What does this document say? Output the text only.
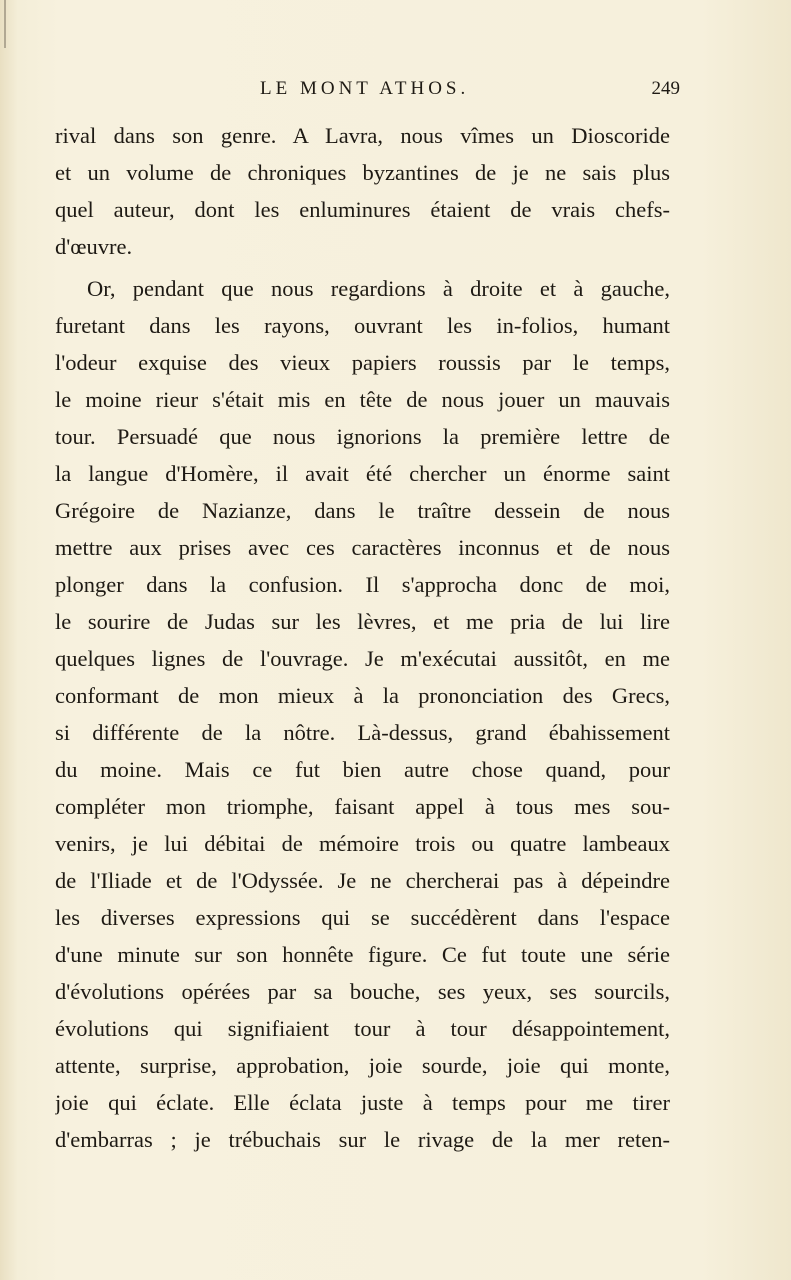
LE MONT ATHOS.	249
rival dans son genre. A Lavra, nous vîmes un Dioscoride
et un volume de chroniques byzantines de je ne sais plus
quel auteur, dont les enluminures étaient de vrais chefs-
d'œuvre.
Or, pendant que nous regardions à droite et à gauche,
furetant dans les rayons, ouvrant les in-folios, humant
l'odeur exquise des vieux papiers roussis par le temps,
le moine rieur s'était mis en tête de nous jouer un mauvais
tour. Persuadé que nous ignorions la première lettre de
la langue d'Homère, il avait été chercher un énorme saint
Grégoire de Nazianze, dans le traître dessein de nous
mettre aux prises avec ces caractères inconnus et de nous
plonger dans la confusion. Il s'approcha donc de moi,
le sourire de Judas sur les lèvres, et me pria de lui lire
quelques lignes de l'ouvrage. Je m'exécutai aussitôt, en me
conformant de mon mieux à la prononciation des Grecs,
si différente de la nôtre. Là-dessus, grand ébahissement
du moine. Mais ce fut bien autre chose quand, pour
compléter mon triomphe, faisant appel à tous mes sou-
venirs, je lui débitai de mémoire trois ou quatre lambeaux
de l'Iliade et de l'Odyssée. Je ne chercherai pas à dépeindre
les diverses expressions qui se succédèrent dans l'espace
d'une minute sur son honnête figure. Ce fut toute une série
d'évolutions opérées par sa bouche, ses yeux, ses sourcils,
évolutions qui signifiaient tour à tour désappointement,
attente, surprise, approbation, joie sourde, joie qui monte,
joie qui éclate. Elle éclata juste à temps pour me tirer
d'embarras ; je trébuchais sur le rivage de la mer reten-
